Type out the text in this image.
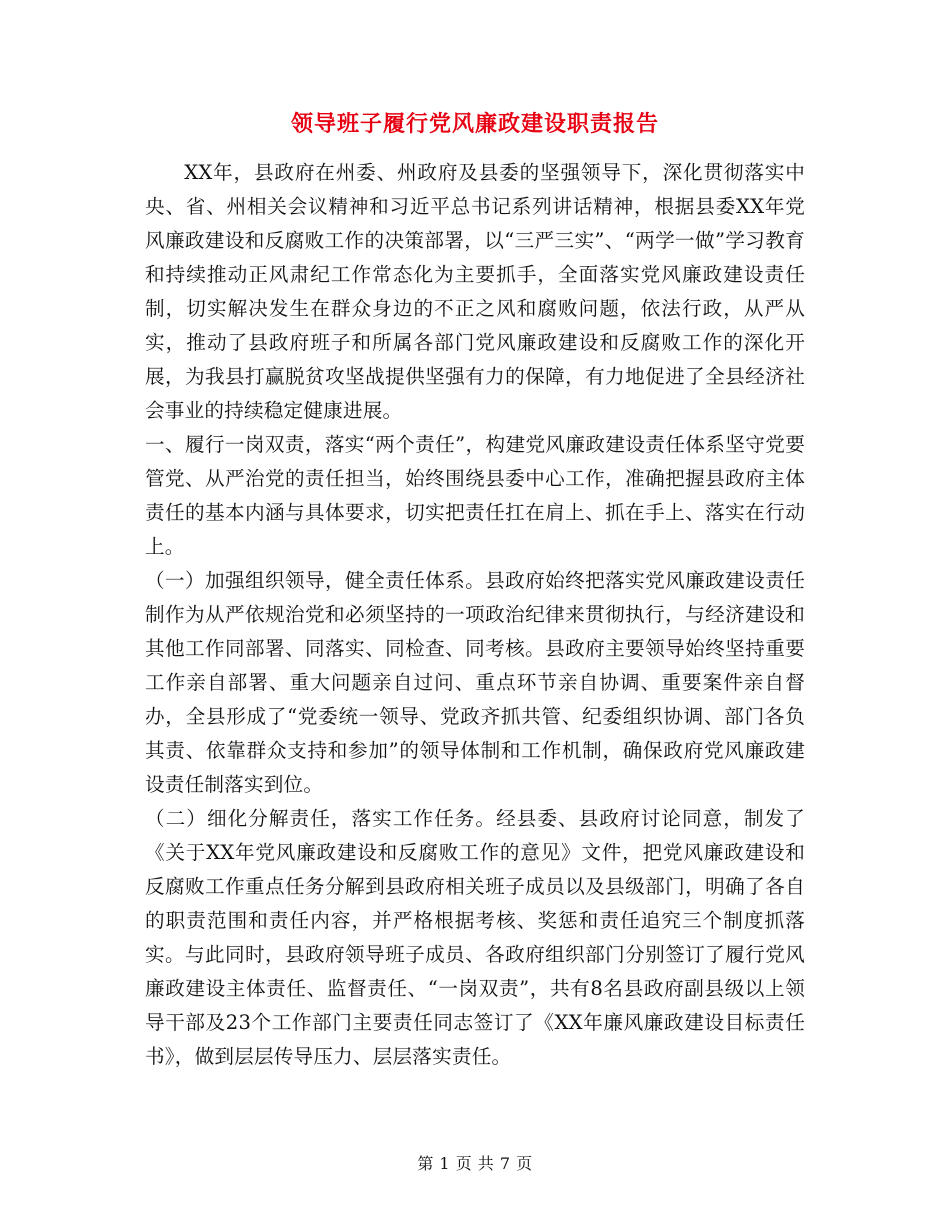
领导班子履行党风廉政建设职责报告

XX年，县政府在州委、州政府及县委的坚强领导下，深化贯彻落实中央、省、州相关会议精神和习近平总书记系列讲话精神，根据县委XX年党风廉政建设和反腐败工作的决策部署，以“三严三实”、“两学一做”学习教育和持续推动正风肃纪工作常态化为主要抓手，全面落实党风廉政建设责任制，切实解决发生在群众身边的不正之风和腐败问题，依法行政，从严从实，推动了县政府班子和所属各部门党风廉政建设和反腐败工作的深化开展，为我县打赢脱贫攻坚战提供坚强有力的保障，有力地促进了全县经济社会事业的持续稳定健康进展。

一、履行一岗双责，落实“两个责任”，构建党风廉政建设责任体系坚守党要管党、从严治党的责任担当，始终围绕县委中心工作，准确把握县政府主体责任的基本内涵与具体要求，切实把责任扛在肩上、抓在手上、落实在行动上。

（一）加强组织领导，健全责任体系。县政府始终把落实党风廉政建设责任制作为从严依规治党和必须坚持的一项政治纪律来贯彻执行，与经济建设和其他工作同部署、同落实、同检查、同考核。县政府主要领导始终坚持重要工作亲自部署、重大问题亲自过问、重点环节亲自协调、重要案件亲自督办，全县形成了“党委统一领导、党政齐抓共管、纪委组织协调、部门各负其责、依靠群众支持和参加”的领导体制和工作机制，确保政府党风廉政建设责任制落实到位。

（二）细化分解责任，落实工作任务。经县委、县政府讨论同意，制发了《关于XX年党风廉政建设和反腐败工作的意见》文件，把党风廉政建设和反腐败工作重点任务分解到县政府相关班子成员以及县级部门，明确了各自的职责范围和责任内容，并严格根据考核、奖惩和责任追究三个制度抓落实。与此同时，县政府领导班子成员、各政府组织部门分别签订了履行党风廉政建设主体责任、监督责任、“一岗双责”，共有8名县政府副县级以上领导干部及23个工作部门主要责任同志签订了《XX年廉风廉政建设目标责任书》，做到层层传导压力、层层落实责任。

第 1 页 共 7 页
